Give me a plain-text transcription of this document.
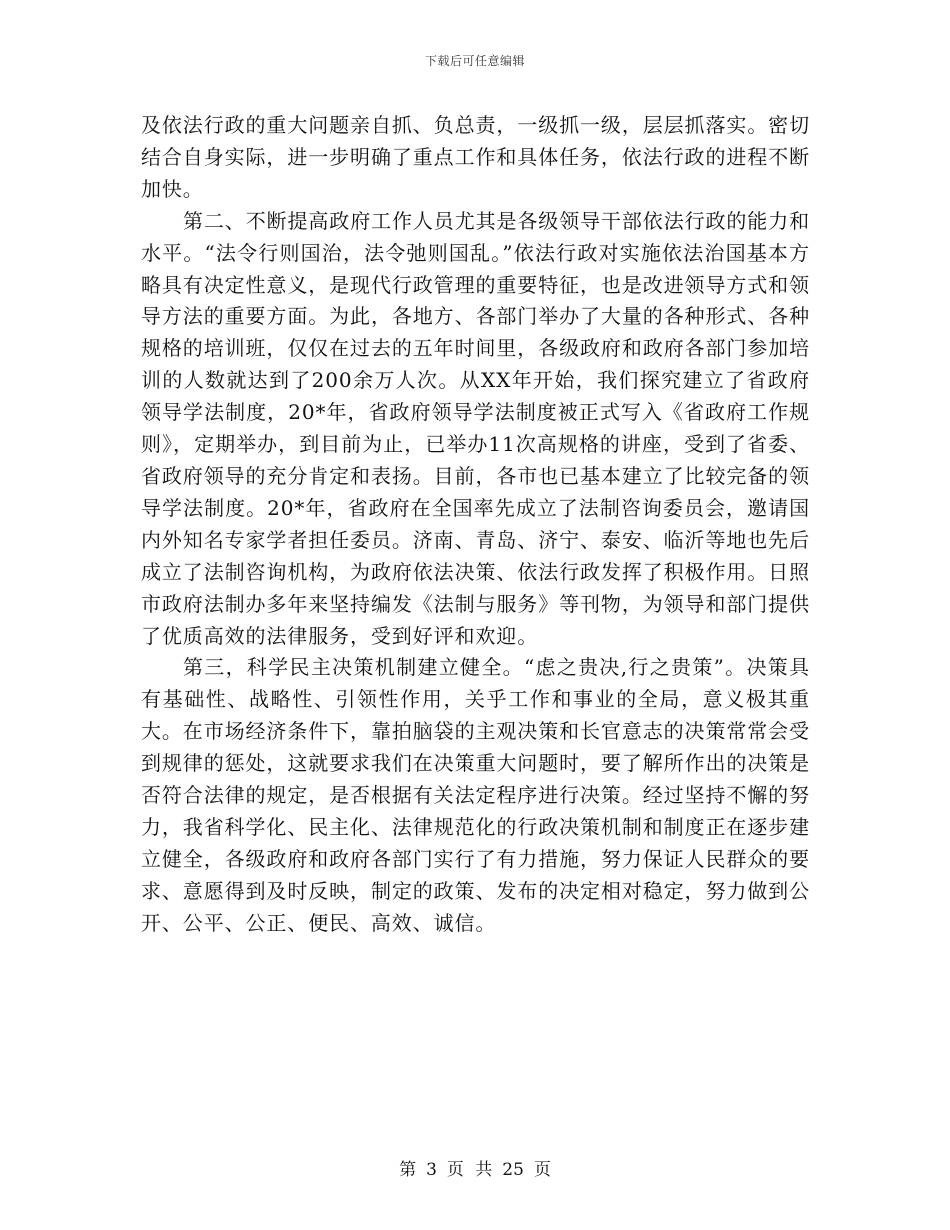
下载后可任意编辑

及依法行政的重大问题亲自抓、负总责，一级抓一级，层层抓落实。密切结合自身实际，进一步明确了重点工作和具体任务，依法行政的进程不断加快。

第二、不断提高政府工作人员尤其是各级领导干部依法行政的能力和水平。“法令行则国治，法令弛则国乱。”依法行政对实施依法治国基本方略具有决定性意义，是现代行政管理的重要特征，也是改进领导方式和领导方法的重要方面。为此，各地方、各部门举办了大量的各种形式、各种规格的培训班，仅仅在过去的五年时间里，各级政府和政府各部门参加培训的人数就达到了200余万人次。从XX年开始，我们探究建立了省政府领导学法制度，20*年，省政府领导学法制度被正式写入《省政府工作规则》，定期举办，到目前为止，已举办11次高规格的讲座，受到了省委、省政府领导的充分肯定和表扬。目前，各市也已基本建立了比较完备的领导学法制度。20*年，省政府在全国率先成立了法制咨询委员会，邀请国内外知名专家学者担任委员。济南、青岛、济宁、泰安、临沂等地也先后成立了法制咨询机构，为政府依法决策、依法行政发挥了积极作用。日照市政府法制办多年来坚持编发《法制与服务》等刊物，为领导和部门提供了优质高效的法律服务，受到好评和欢迎。

第三，科学民主决策机制建立健全。“虑之贵决,行之贵策”。决策具有基础性、战略性、引领性作用，关乎工作和事业的全局，意义极其重大。在市场经济条件下，靠拍脑袋的主观决策和长官意志的决策常常会受到规律的惩处，这就要求我们在决策重大问题时，要了解所作出的决策是否符合法律的规定，是否根据有关法定程序进行决策。经过坚持不懈的努力，我省科学化、民主化、法律规范化的行政决策机制和制度正在逐步建立健全，各级政府和政府各部门实行了有力措施，努力保证人民群众的要求、意愿得到及时反映，制定的政策、发布的决定相对稳定，努力做到公开、公平、公正、便民、高效、诚信。

第 3 页 共 25 页
